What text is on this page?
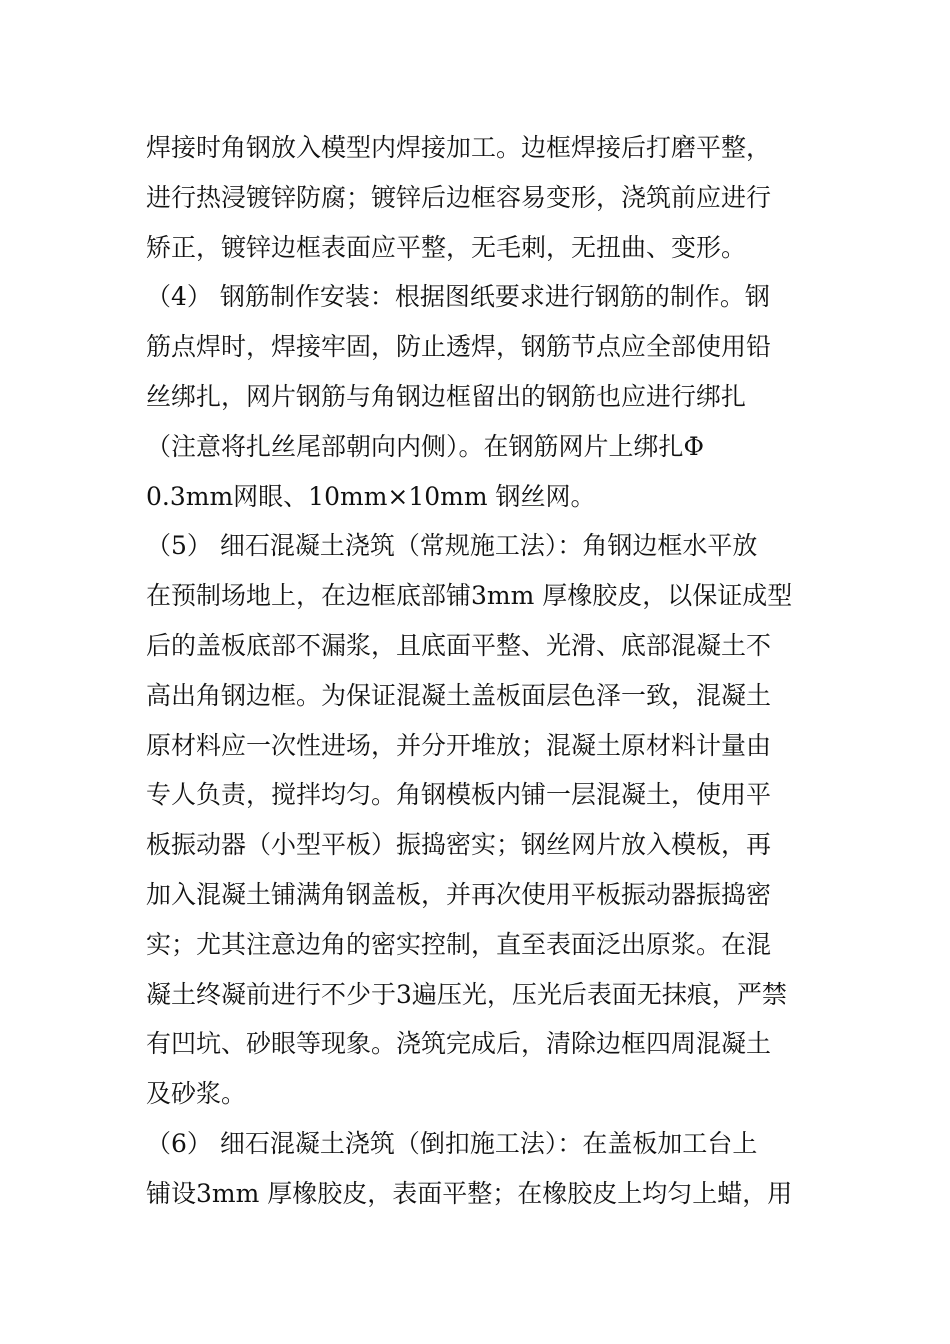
焊接时角钢放入模型内焊接加工。边框焊接后打磨平整，
进行热浸镀锌防腐；镀锌后边框容易变形，浇筑前应进行
矫正，镀锌边框表面应平整，无毛刺，无扭曲、变形。
（4） 钢筋制作安装：根据图纸要求进行钢筋的制作。钢
筋点焊时，焊接牢固，防止透焊，钢筋节点应全部使用铅
丝绑扎，网片钢筋与角钢边框留出的钢筋也应进行绑扎
（注意将扎丝尾部朝向内侧）。在钢筋网片上绑扎Φ
0.3mm网眼、10mm×10mm 钢丝网。
（5） 细石混凝土浇筑（常规施工法）：角钢边框水平放
在预制场地上，在边框底部铺3mm 厚橡胶皮，以保证成型
后的盖板底部不漏浆，且底面平整、光滑、底部混凝土不
高出角钢边框。为保证混凝土盖板面层色泽一致，混凝土
原材料应一次性进场，并分开堆放；混凝土原材料计量由
专人负责，搅拌均匀。角钢模板内铺一层混凝土，使用平
板振动器（小型平板）振捣密实；钢丝网片放入模板，再
加入混凝土铺满角钢盖板，并再次使用平板振动器振捣密
实；尤其注意边角的密实控制，直至表面泛出原浆。在混
凝土终凝前进行不少于3遍压光，压光后表面无抹痕，严禁
有凹坑、砂眼等现象。浇筑完成后，清除边框四周混凝土
及砂浆。
（6） 细石混凝土浇筑（倒扣施工法）：在盖板加工台上
铺设3mm 厚橡胶皮，表面平整；在橡胶皮上均匀上蜡，用
